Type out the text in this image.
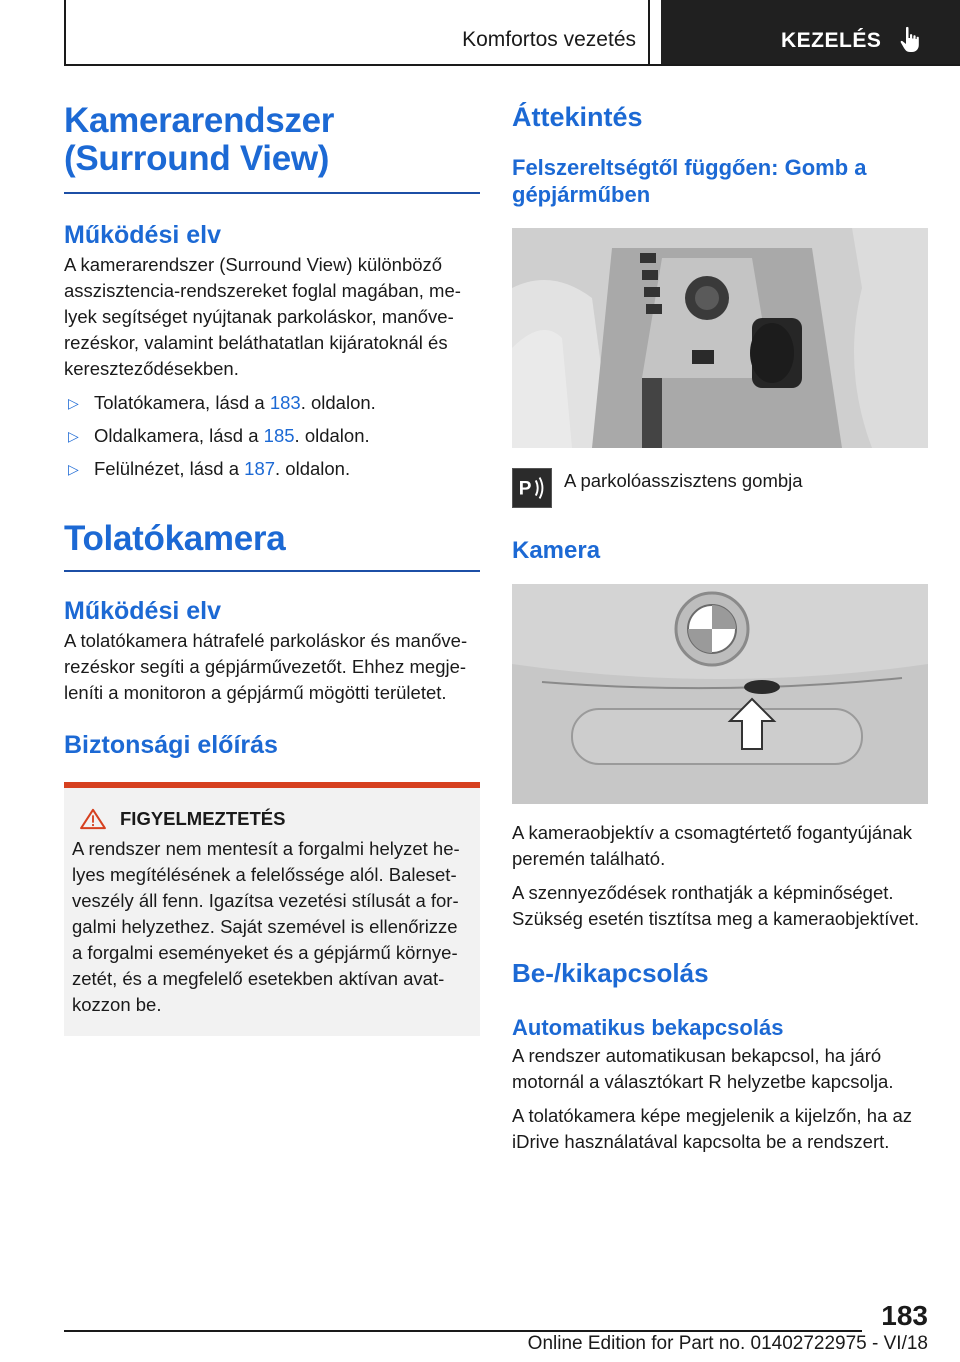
Komfortos vezetés	KEZELÉS
Kamerarendszer (Surround View)
Működési elv
A kamerarendszer (Surround View) különböző asszisztencia-rendszereket foglal magában, melyek segítséget nyújtanak parkoláskor, manőverezéskor, valamint beláthatatlan kijáratoknál és kereszteződésekben.
▷ Tolatókamera, lásd a 183. oldalon.
▷ Oldalkamera, lásd a 185. oldalon.
▷ Felülnézet, lásd a 187. oldalon.
Tolatókamera
Működési elv
A tolatókamera hátrafelé parkoláskor és manőverezéskor segíti a gépjárművezetőt. Ehhez megjeleníti a monitoron a gépjármű mögötti területet.
Biztonsági előírás
FIGYELMEZTETÉS
A rendszer nem mentesít a forgalmi helyzet helyes megítélésének a felelőssége alól. Balesetveszély áll fenn. Igazítsa vezetési stílusát a forgalmi helyzethez. Saját szemével is ellenőrizze a forgalmi eseményeket és a gépjármű környezetét, és a megfelelő esetekben aktívan avatkozzon be.
Áttekintés
Felszereltségtől függően: Gomb a gépjárműben
P A parkolóasszisztens gombja
Kamera
A kameraobjektív a csomagtértető fogantyújának peremén található.
A szennyeződések ronthatják a képminőséget. Szükség esetén tisztítsa meg a kameraobjektívet.
Be-/kikapcsolás
Automatikus bekapcsolás
A rendszer automatikusan bekapcsol, ha járó motornál a választókart R helyzetbe kapcsolja.
A tolatókamera képe megjelenik a kijelzőn, ha az iDrive használatával kapcsolta be a rendszert.
183
Online Edition for Part no. 01402722975 - VI/18
